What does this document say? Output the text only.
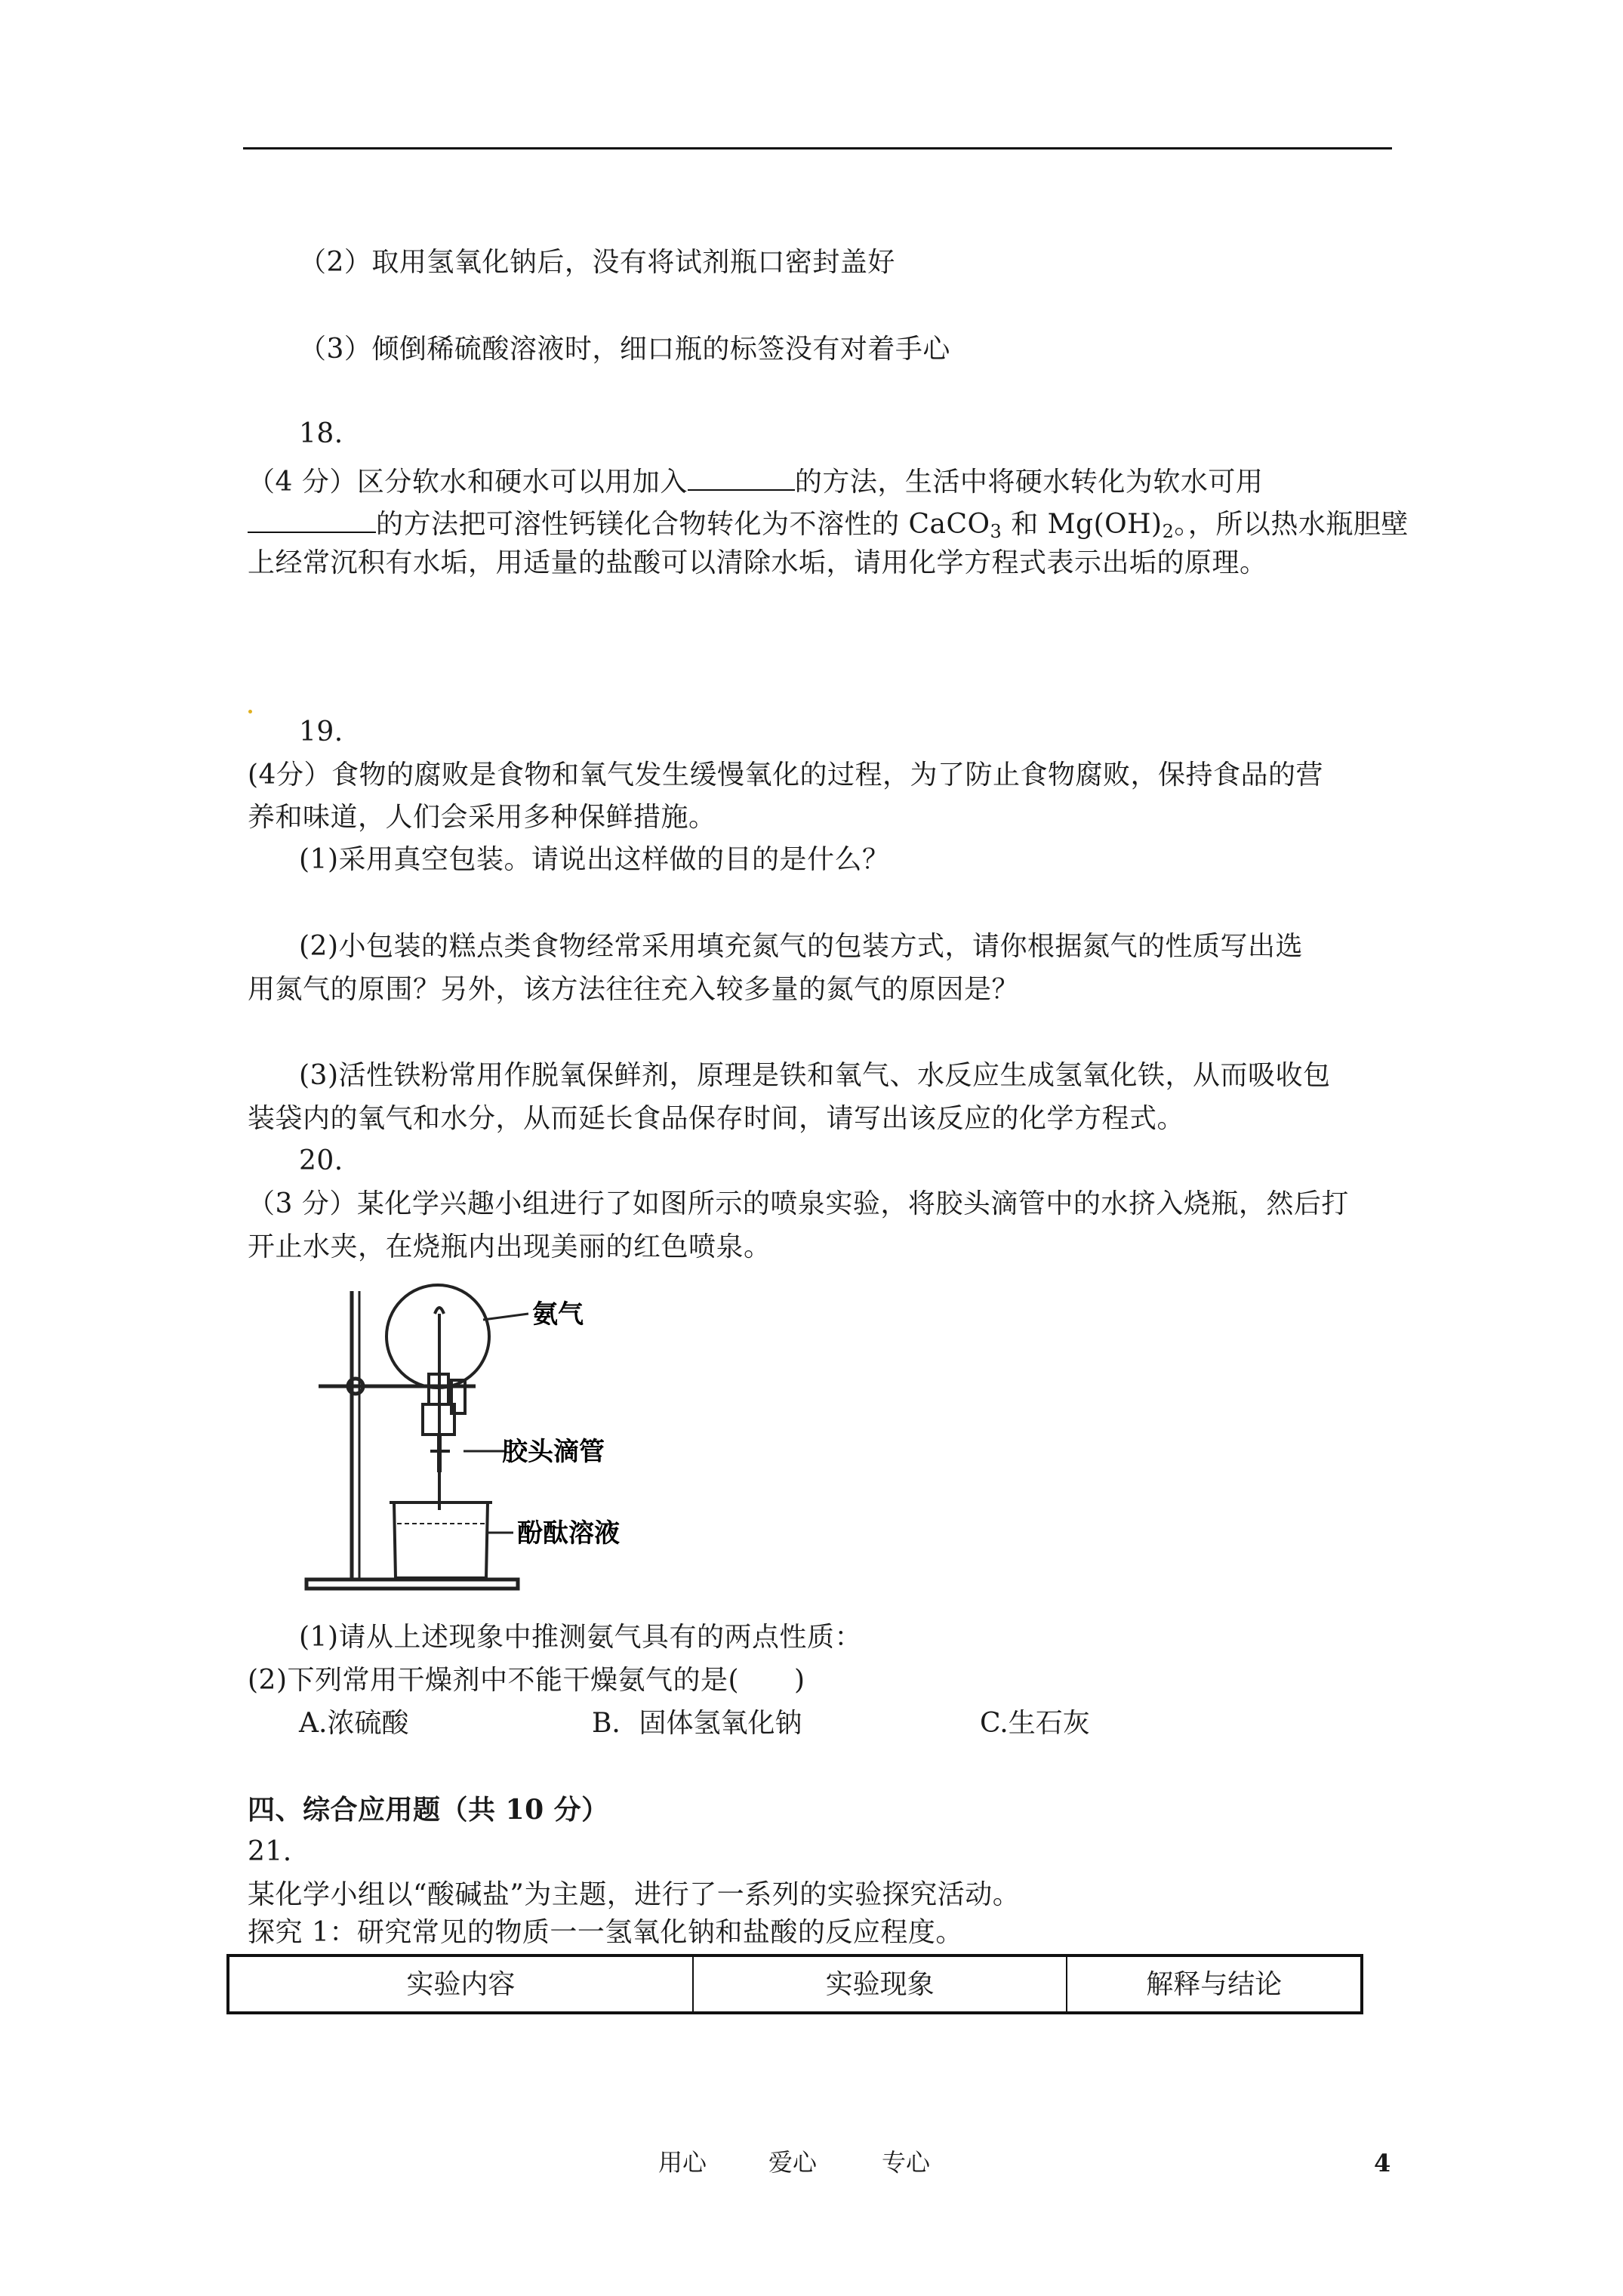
（2）取用氢氧化钠后，没有将试剂瓶口密封盖好
（3）倾倒稀硫酸溶液时，细口瓶的标签没有对着手心
18.
（4 分）区分软水和硬水可以用加入	的方法，生活中将硬水转化为软水可用
的方法把可溶性钙镁化合物转化为不溶性的 CaCO$_3$ 和 $Mg(OH)_2$。，所以热水瓶胆壁
上经常沉积有水垢，用适量的盐酸可以清除水垢，请用化学方程式表示出垢的原理。
19.
(4分）食物的腐败是食物和氧气发生缓慢氧化的过程，为了防止食物腐败，保持食品的营
养和味道，人们会采用多种保鲜措施。
(1)采用真空包装。请说出这样做的目的是什么？
(2)小包装的糕点类食物经常采用填充氮气的包装方式，请你根据氮气的性质写出选
用氮气的原围？另外，该方法往往充入较多量的氮气的原因是？
(3)活性铁粉常用作脱氧保鲜剂，原理是铁和氧气、水反应生成氢氧化铁，从而吸收包
装袋内的氧气和水分，从而延长食品保存时间，请写出该反应的化学方程式。
20.
（3 分）某化学兴趣小组进行了如图所示的喷泉实验，将胶头滴管中的水挤入烧瓶，然后打
开止水夹，在烧瓶内出现美丽的红色喷泉。
氨气
胶头滴管
酚酞溶液
(1)请从上述现象中推测氨气具有的两点性质：
(2)下列常用干燥剂中不能干燥氨气的是(　　)
A.浓硫酸	B．固体氢氧化钠	C.生石灰
四、综合应用题（共 10 分）
21.
某化学小组以“酸碱盐”为主题，进行了一系列的实验探究活动。
探究 1：研究常见的物质一一氢氧化钠和盐酸的反应程度。
实验内容	实验现象	解释与结论
用心	爱心	专心	4
